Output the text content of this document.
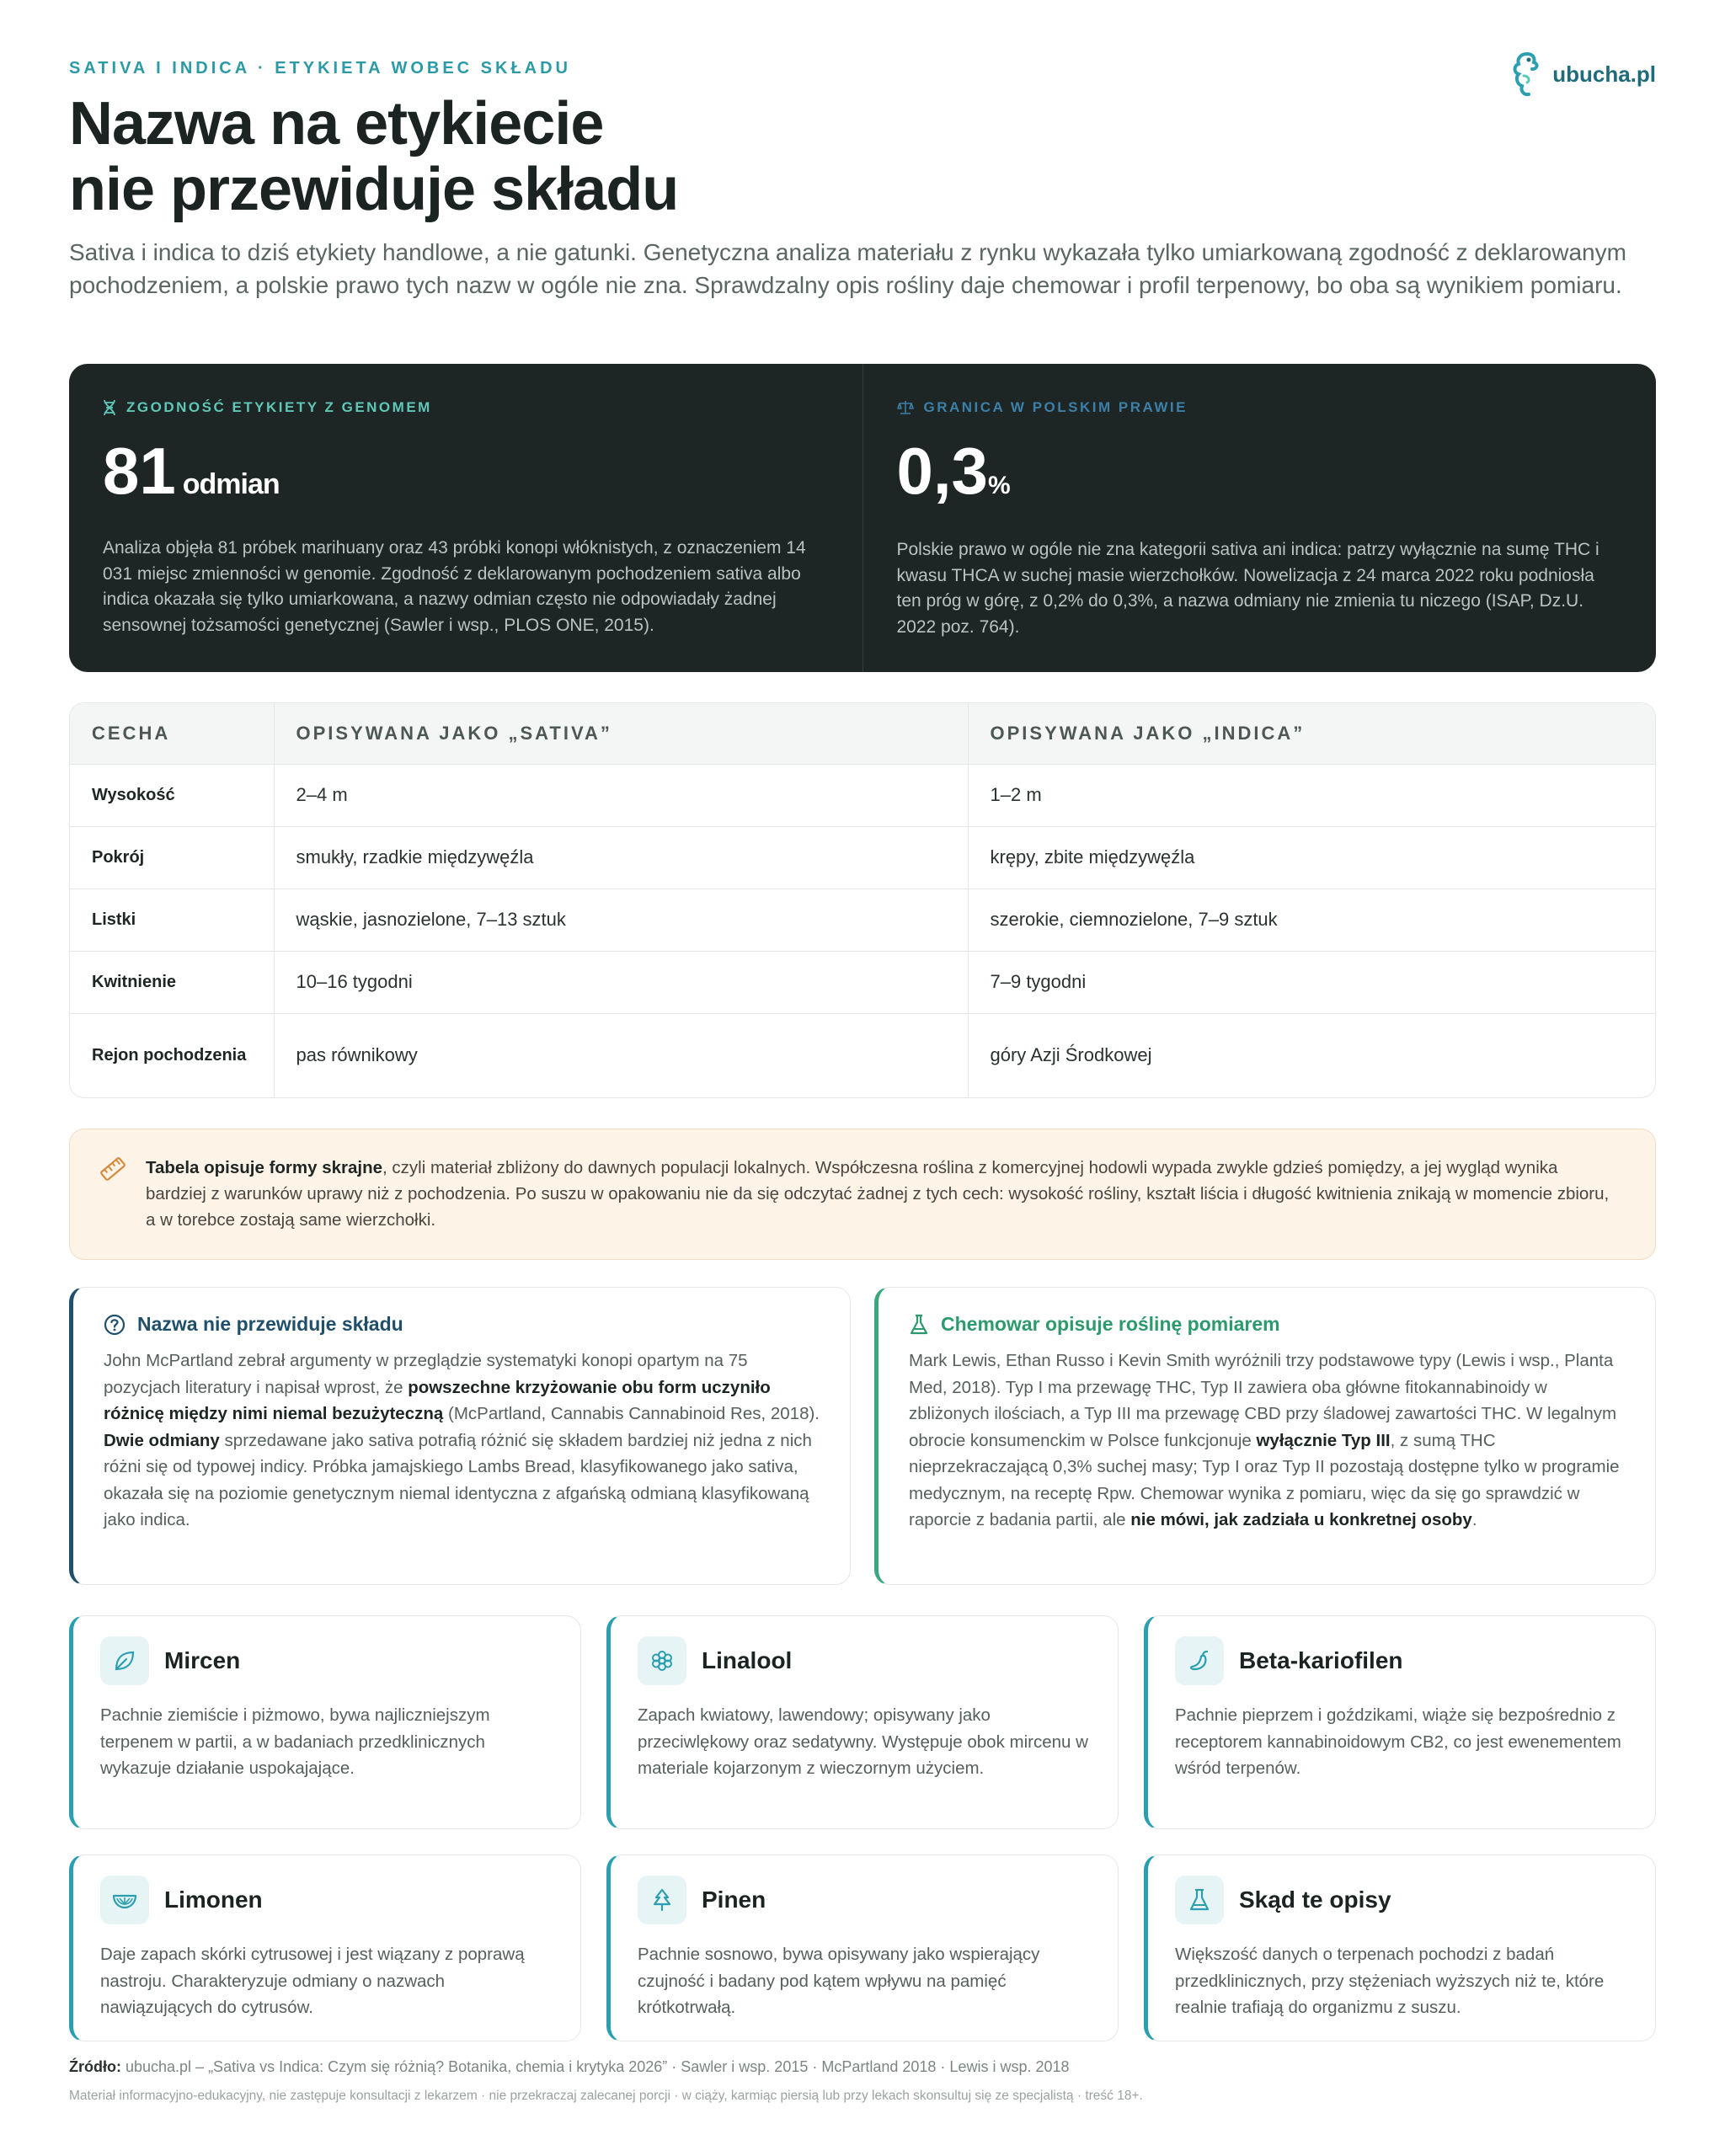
SATIVA I INDICA · ETYKIETA WOBEC SKŁADU
Nazwa na etykiecie
nie przewiduje składu
ubucha.pl

Sativa i indica to dziś etykiety handlowe, a nie gatunki. Genetyczna analiza materiału z rynku wykazała tylko umiarkowaną zgodność z deklarowanym pochodzeniem, a polskie prawo tych nazw w ogóle nie zna. Sprawdzalny opis rośliny daje chemowar i profil terpenowy, bo oba są wynikiem pomiaru.

ZGODNOŚĆ ETYKIETY Z GENOMEM
81 odmian

Analiza objęła 81 próbek marihuany oraz 43 próbki konopi włóknistych, z oznaczeniem 14 031 miejsc zmienności w genomie. Zgodność z deklarowanym pochodzeniem sativa albo indica okazała się tylko umiarkowana, a nazwy odmian często nie odpowiadały żadnej sensownej tożsamości genetycznej (Sawler i wsp., PLOS ONE, 2015).

GRANICA W POLSKIM PRAWIE
0,3%

Polskie prawo w ogóle nie zna kategorii sativa ani indica: patrzy wyłącznie na sumę THC i kwasu THCA w suchej masie wierzchołków. Nowelizacja z 24 marca 2022 roku podniosła ten próg w górę, z 0,2% do 0,3%, a nazwa odmiany nie zmienia tu niczego (ISAP, Dz.U. 2022 poz. 764).

CECHA	OPISYWANA JAKO „SATIVA”	OPISYWANA JAKO „INDICA”
Wysokość	2–4 m	1–2 m
Pokrój	smukły, rzadkie międzywęźla	krępy, zbite międzywęźla
Listki	wąskie, jasnozielone, 7–13 sztuk	szerokie, ciemnozielone, 7–9 sztuk
Kwitnienie	10–16 tygodni	7–9 tygodni
Rejon pochodzenia	pas równikowy	góry Azji Środkowej
Tabela opisuje formy skrajne, czyli materiał zbliżony do dawnych populacji lokalnych. Współczesna roślina z komercyjnej hodowli wypada zwykle gdzieś pomiędzy, a jej wygląd wynika bardziej z warunków uprawy niż z pochodzenia. Po suszu w opakowaniu nie da się odczytać żadnej z tych cech: wysokość rośliny, kształt liścia i długość kwitnienia znikają w momencie zbioru, a w torebce zostają same wierzchołki.
Nazwa nie przewiduje składu

John McPartland zebrał argumenty w przeglądzie systematyki konopi opartym na 75 pozycjach literatury i napisał wprost, że powszechne krzyżowanie obu form uczyniło różnicę między nimi niemal bezużyteczną (McPartland, Cannabis Cannabinoid Res, 2018). Dwie odmiany sprzedawane jako sativa potrafią różnić się składem bardziej niż jedna z nich różni się od typowej indicy. Próbka jamajskiego Lambs Bread, klasyfikowanego jako sativa, okazała się na poziomie genetycznym niemal identyczna z afgańską odmianą klasyfikowaną jako indica.

Chemowar opisuje roślinę pomiarem

Mark Lewis, Ethan Russo i Kevin Smith wyróżnili trzy podstawowe typy (Lewis i wsp., Planta Med, 2018). Typ I ma przewagę THC, Typ II zawiera oba główne fitokannabinoidy w zbliżonych ilościach, a Typ III ma przewagę CBD przy śladowej zawartości THC. W legalnym obrocie konsumenckim w Polsce funkcjonuje wyłącznie Typ III, z sumą THC nieprzekraczającą 0,3% suchej masy; Typ I oraz Typ II pozostają dostępne tylko w programie medycznym, na receptę Rpw. Chemowar wynika z pomiaru, więc da się go sprawdzić w raporcie z badania partii, ale nie mówi, jak zadziała u konkretnej osoby.

Mircen

Pachnie ziemiście i piżmowo, bywa najliczniejszym terpenem w partii, a w badaniach przedklinicznych wykazuje działanie uspokajające.

Linalool

Zapach kwiatowy, lawendowy; opisywany jako przeciwlękowy oraz sedatywny. Występuje obok mircenu w materiale kojarzonym z wieczornym użyciem.

Beta-kariofilen

Pachnie pieprzem i goździkami, wiąże się bezpośrednio z receptorem kannabinoidowym CB2, co jest ewenementem wśród terpenów.

Limonen

Daje zapach skórki cytrusowej i jest wiązany z poprawą nastroju. Charakteryzuje odmiany o nazwach nawiązujących do cytrusów.

Pinen

Pachnie sosnowo, bywa opisywany jako wspierający czujność i badany pod kątem wpływu na pamięć krótkotrwałą.

Skąd te opisy

Większość danych o terpenach pochodzi z badań przedklinicznych, przy stężeniach wyższych niż te, które realnie trafiają do organizmu z suszu.

Źródło: ubucha.pl – „Sativa vs Indica: Czym się różnią? Botanika, chemia i krytyka 2026” · Sawler i wsp. 2015 · McPartland 2018 · Lewis i wsp. 2018
Materiał informacyjno-edukacyjny, nie zastępuje konsultacji z lekarzem · nie przekraczaj zalecanej porcji · w ciąży, karmiąc piersią lub przy lekach skonsultuj się ze specjalistą · treść 18+.
